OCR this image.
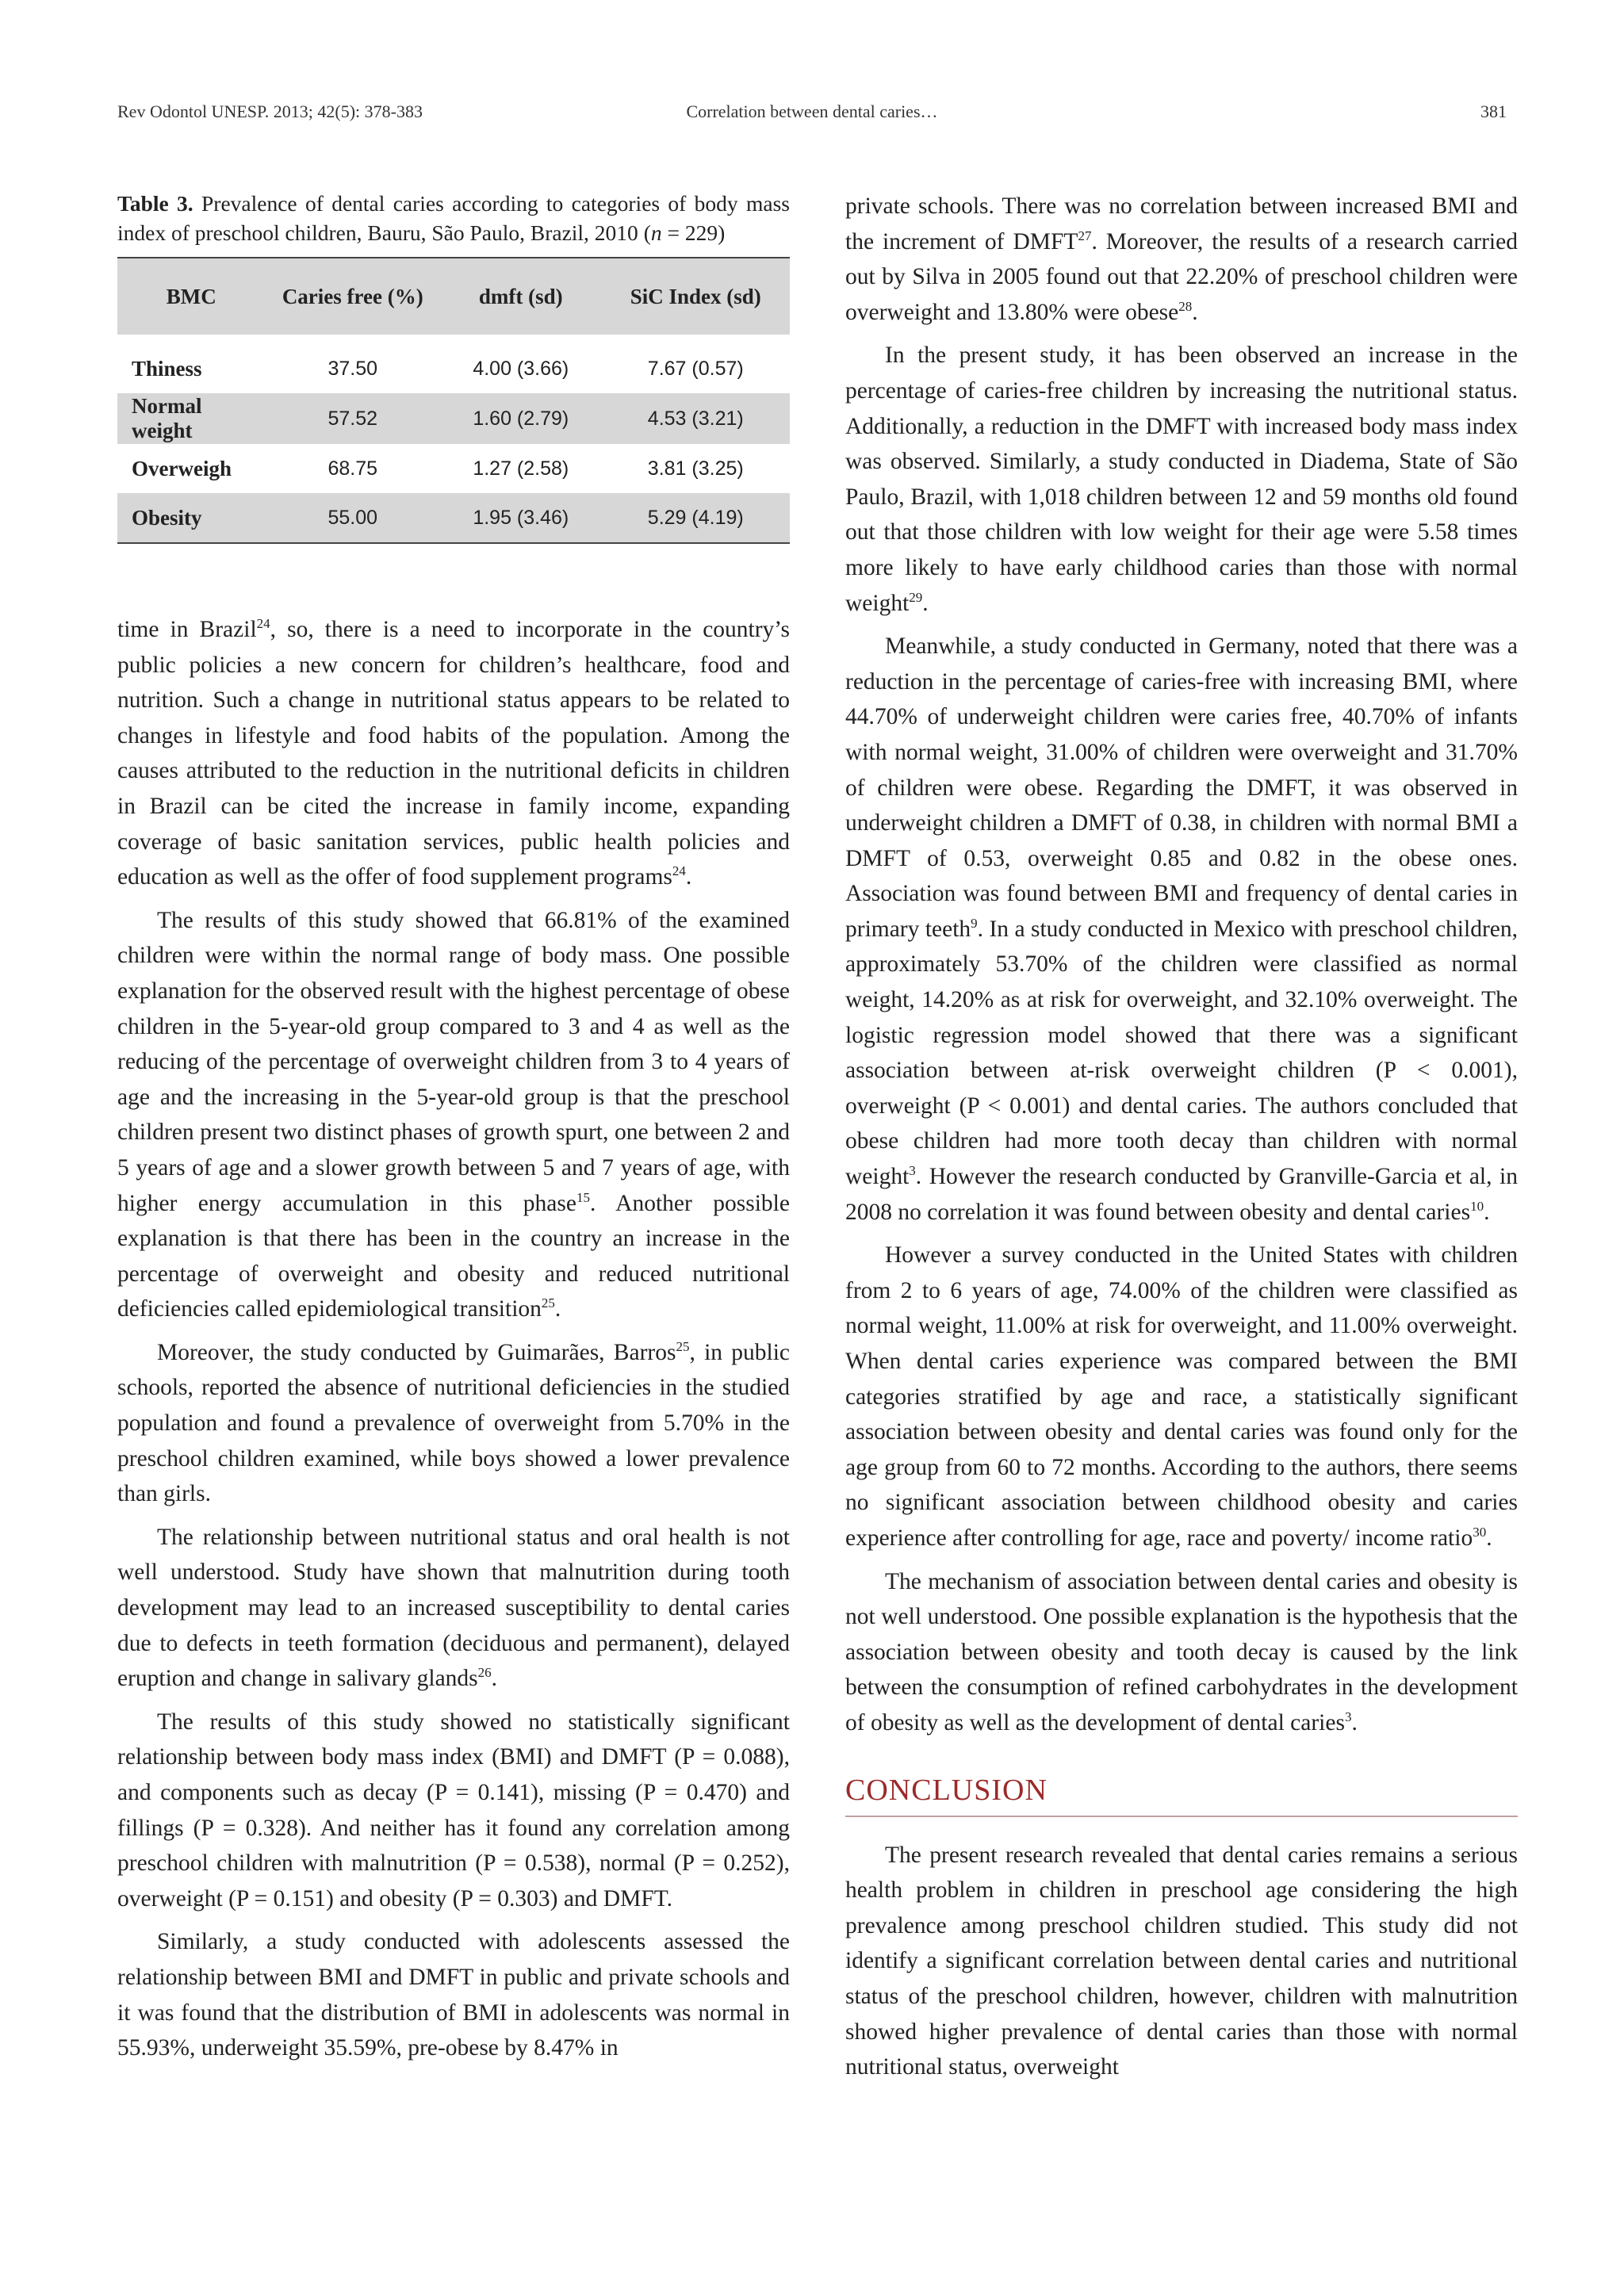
Rev Odontol UNESP. 2013; 42(5): 378-383	Correlation between dental caries…	381
Table 3. Prevalence of dental caries according to categories of body mass index of preschool children, Bauru, São Paulo, Brazil, 2010 (n = 229)
BMC	Caries free (%)	dmft (sd)	SiC Index (sd)
Thiness	37.50	4.00 (3.66)	7.67 (0.57)
Normal weight	57.52	1.60 (2.79)	4.53 (3.21)
Overweigh	68.75	1.27 (2.58)	3.81 (3.25)
Obesity	55.00	1.95 (3.46)	5.29 (4.19)

time in Brazil$^{24}$, so, there is a need to incorporate in the country’s public policies a new concern for children’s healthcare, food and nutrition. Such a change in nutritional status appears to be related to changes in lifestyle and food habits of the population. Among the causes attributed to the reduction in the nutritional deficits in children in Brazil can be cited the increase in family income, expanding coverage of basic sanitation services, public health policies and education as well as the offer of food supplement programs$^{24}$.

The results of this study showed that 66.81% of the examined children were within the normal range of body mass. One possible explanation for the observed result with the highest percentage of obese children in the 5-year-old group compared to 3 and 4 as well as the reducing of the percentage of overweight children from 3 to 4 years of age and the increasing in the 5-year-old group is that the preschool children present two distinct phases of growth spurt, one between 2 and 5 years of age and a slower growth between 5 and 7 years of age, with higher energy accumulation in this phase$^{15}$. Another possible explanation is that there has been in the country an increase in the percentage of overweight and obesity and reduced nutritional deficiencies called epidemiological transition$^{25}$.

Moreover, the study conducted by Guimarães, Barros$^{25}$, in public schools, reported the absence of nutritional deficiencies in the studied population and found a prevalence of overweight from 5.70% in the preschool children examined, while boys showed a lower prevalence than girls.

The relationship between nutritional status and oral health is not well understood. Study have shown that malnutrition during tooth development may lead to an increased susceptibility to dental caries due to defects in teeth formation (deciduous and permanent), delayed eruption and change in salivary glands$^{26}$.

The results of this study showed no statistically significant relationship between body mass index (BMI) and DMFT (P = 0.088), and components such as decay (P = 0.141), missing (P = 0.470) and fillings (P = 0.328). And neither has it found any correlation among preschool children with malnutrition (P = 0.538), normal (P = 0.252), overweight (P = 0.151) and obesity (P = 0.303) and DMFT.

Similarly, a study conducted with adolescents assessed the relationship between BMI and DMFT in public and private schools and it was found that the distribution of BMI in adolescents was normal in 55.93%, underweight 35.59%, pre-obese by 8.47% in

private schools. There was no correlation between increased BMI and the increment of DMFT$^{27}$. Moreover, the results of a research carried out by Silva in 2005 found out that 22.20% of preschool children were overweight and 13.80% were obese$^{28}$.

In the present study, it has been observed an increase in the percentage of caries-free children by increasing the nutritional status. Additionally, a reduction in the DMFT with increased body mass index was observed. Similarly, a study conducted in Diadema, State of São Paulo, Brazil, with 1,018 children between 12 and 59 months old found out that those children with low weight for their age were 5.58 times more likely to have early childhood caries than those with normal weight$^{29}$.

Meanwhile, a study conducted in Germany, noted that there was a reduction in the percentage of caries-free with increasing BMI, where 44.70% of underweight children were caries free, 40.70% of infants with normal weight, 31.00% of children were overweight and 31.70% of children were obese. Regarding the DMFT, it was observed in underweight children a DMFT of 0.38, in children with normal BMI a DMFT of 0.53, overweight 0.85 and 0.82 in the obese ones. Association was found between BMI and frequency of dental caries in primary teeth$^9$. In a study conducted in Mexico with preschool children, approximately 53.70% of the children were classified as normal weight, 14.20% as at risk for overweight, and 32.10% overweight. The logistic regression model showed that there was a significant association between at-risk overweight children (P < 0.001), overweight (P < 0.001) and dental caries. The authors concluded that obese children had more tooth decay than children with normal weight$^3$. However the research conducted by Granville-Garcia et al, in 2008 no correlation it was found between obesity and dental caries$^{10}$.

However a survey conducted in the United States with children from 2 to 6 years of age, 74.00% of the children were classified as normal weight, 11.00% at risk for overweight, and 11.00% overweight. When dental caries experience was compared between the BMI categories stratified by age and race, a statistically significant association between obesity and dental caries was found only for the age group from 60 to 72 months. According to the authors, there seems no significant association between childhood obesity and caries experience after controlling for age, race and poverty/ income ratio$^{30}$.

The mechanism of association between dental caries and obesity is not well understood. One possible explanation is the hypothesis that the association between obesity and tooth decay is caused by the link between the consumption of refined carbohydrates in the development of obesity as well as the development of dental caries$^3$.

CONCLUSION

The present research revealed that dental caries remains a serious health problem in children in preschool age considering the high prevalence among preschool children studied. This study did not identify a significant correlation between dental caries and nutritional status of the preschool children, however, children with malnutrition showed higher prevalence of dental caries than those with normal nutritional status, overweight
